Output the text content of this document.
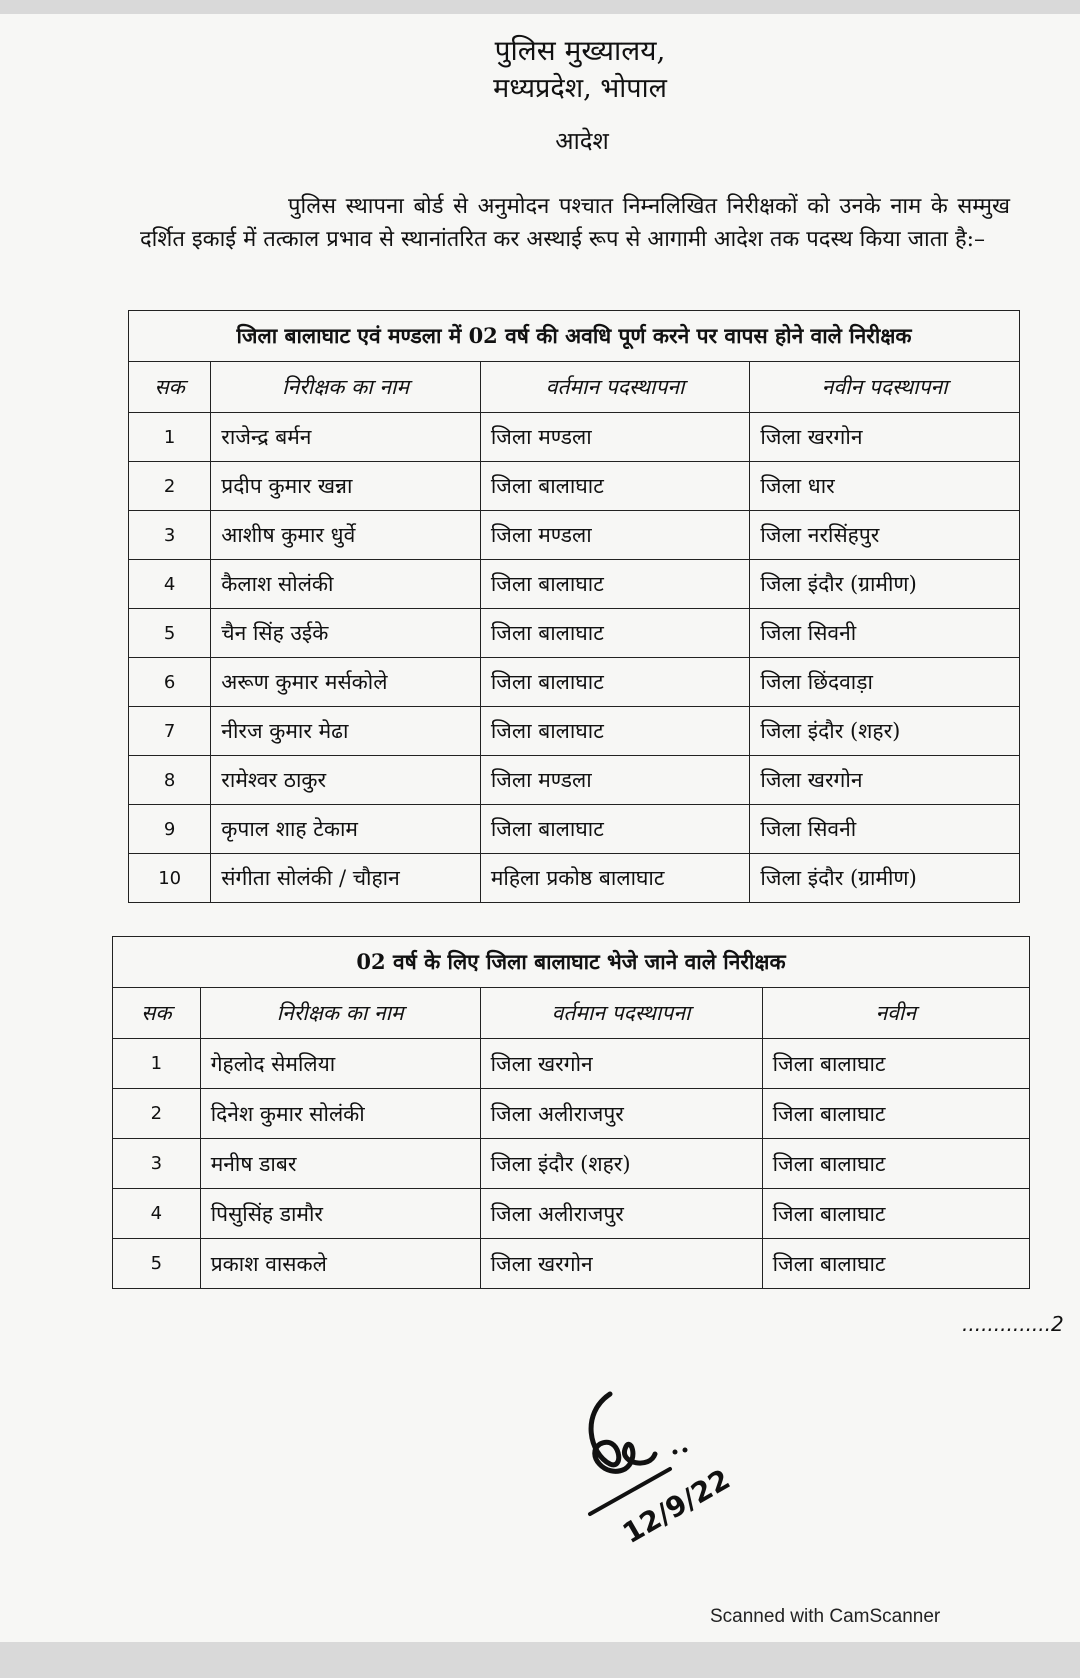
पुलिस मुख्यालय,
मध्यप्रदेश, भोपाल
आदेश
पुलिस स्थापना बोर्ड से अनुमोदन पश्चात निम्नलिखित निरीक्षकों को उनके नाम के सम्मुख दर्शित इकाई में तत्काल प्रभाव से स्थानांतरित कर अस्थाई रूप से आगामी आदेश तक पदस्थ किया जाता है:–
जिला बालाघाट एवं मण्डला में 02 वर्ष की अवधि पूर्ण करने पर वापस होने वाले निरीक्षक			
सक	निरीक्षक का नाम	वर्तमान पदस्थापना	नवीन पदस्थापना
1	राजेन्द्र बर्मन	जिला मण्डला	जिला खरगोन
2	प्रदीप कुमार खन्ना	जिला बालाघाट	जिला धार
3	आशीष कुमार धुर्वे	जिला मण्डला	जिला नरसिंहपुर
4	कैलाश सोलंकी	जिला बालाघाट	जिला इंदौर (ग्रामीण)
5	चैन सिंह उईके	जिला बालाघाट	जिला सिवनी
6	अरूण कुमार मर्सकोले	जिला बालाघाट	जिला छिंदवाड़ा
7	नीरज कुमार मेढा	जिला बालाघाट	जिला इंदौर (शहर)
8	रामेश्वर ठाकुर	जिला मण्डला	जिला खरगोन
9	कृपाल शाह टेकाम	जिला बालाघाट	जिला सिवनी
10	संगीता सोलंकी / चौहान	महिला प्रकोष्ठ बालाघाट	जिला इंदौर (ग्रामीण)
02 वर्ष के लिए जिला बालाघाट भेजे जाने वाले निरीक्षक			
सक	निरीक्षक का नाम	वर्तमान पदस्थापना	नवीन
1	गेहलोद सेमलिया	जिला खरगोन	जिला बालाघाट
2	दिनेश कुमार सोलंकी	जिला अलीराजपुर	जिला बालाघाट
3	मनीष डाबर	जिला इंदौर (शहर)	जिला बालाघाट
4	पिसुसिंह डामौर	जिला अलीराजपुर	जिला बालाघाट
5	प्रकाश वासकले	जिला खरगोन	जिला बालाघाट
..............2
12/9/22
Scanned with CamScanner
